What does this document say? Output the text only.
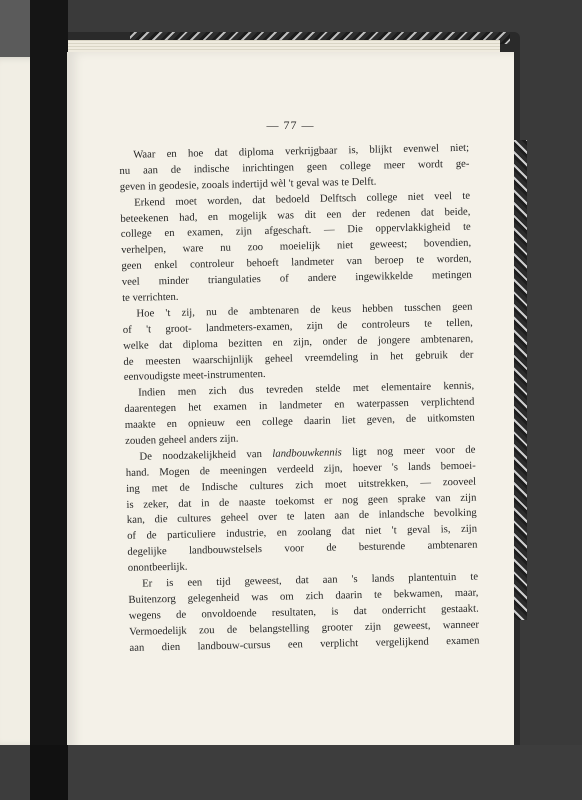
— 77 —
Waar en hoe dat diploma verkrijgbaar is, blijkt evenwel niet;
nu aan de indische inrichtingen geen college meer wordt ge-
geven in geodesie, zooals indertijd wèl 't geval was te Delft.
Erkend moet worden, dat bedoeld Delftsch college niet veel te
beteekenen had, en mogelijk was dit een der redenen dat beide,
college en examen, zijn afgeschaft. — Die oppervlakkigheid te
verhelpen, ware nu zoo moeielijk niet geweest; bovendien,
geen enkel controleur behoeft landmeter van beroep te worden,
veel minder triangulaties of andere ingewikkelde metingen
te verrichten.
Hoe 't zij, nu de ambtenaren de keus hebben tusschen geen
of 't groot- landmeters-examen, zijn de controleurs te tellen,
welke dat diploma bezitten en zijn, onder de jongere ambtenaren,
de meesten waarschijnlijk geheel vreemdeling in het gebruik der
eenvoudigste meet-instrumenten.
Indien men zich dus tevreden stelde met elementaire kennis,
daarentegen het examen in landmeter en waterpassen verplichtend
maakte en opnieuw een college daarin liet geven, de uitkomsten
zouden geheel anders zijn.
De noodzakelijkheid van landbouwkennis ligt nog meer voor de
hand. Mogen de meeningen verdeeld zijn, hoever 's lands bemoei-
ing met de Indische cultures zich moet uitstrekken, — zooveel
is zeker, dat in de naaste toekomst er nog geen sprake van zijn
kan, die cultures geheel over te laten aan de inlandsche bevolking
of de particuliere industrie, en zoolang dat niet 't geval is, zijn
degelijke landbouwstelsels voor de besturende ambtenaren
onontbeerlijk.
Er is een tijd geweest, dat aan 's lands plantentuin te
Buitenzorg gelegenheid was om zich daarin te bekwamen, maar,
wegens de onvoldoende resultaten, is dat onderricht gestaakt.
Vermoedelijk zou de belangstelling grooter zijn geweest, wanneer
aan dien landbouw-cursus een verplicht vergelijkend examen
